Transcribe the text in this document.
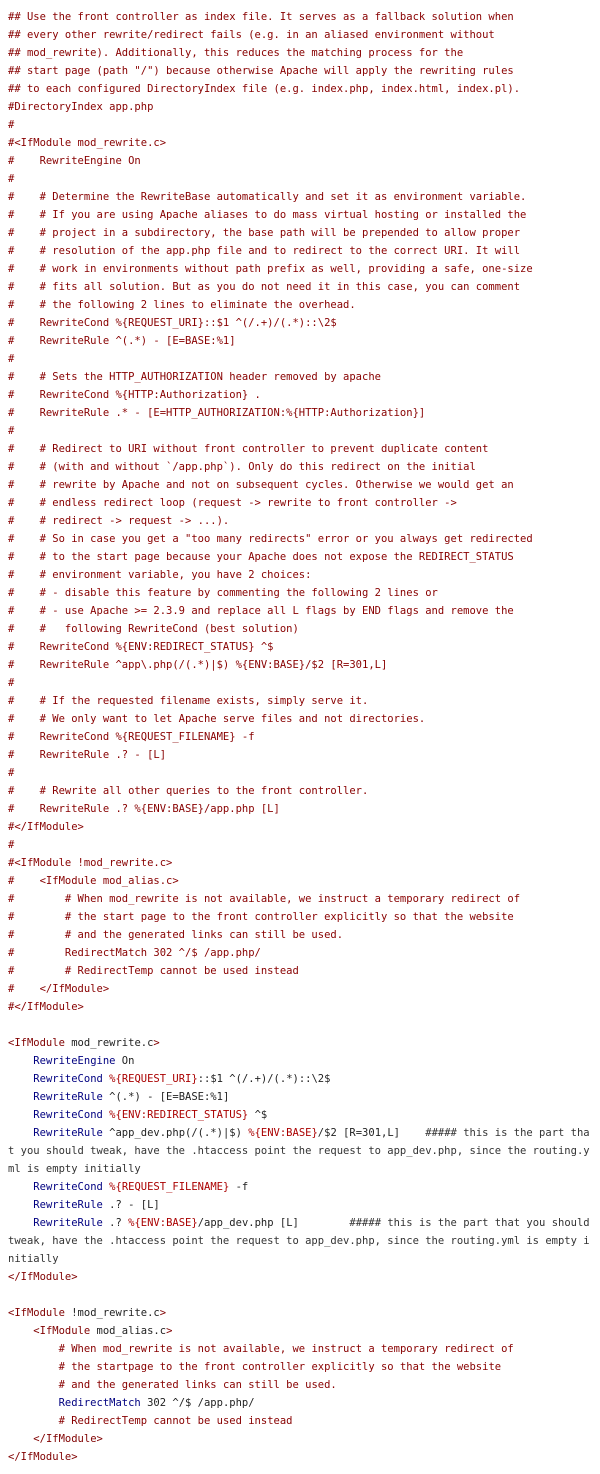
## Use the front controller as index file. It serves as a fallback solution when
## every other rewrite/redirect fails (e.g. in an aliased environment without
## mod_rewrite). Additionally, this reduces the matching process for the
## start page (path "/") because otherwise Apache will apply the rewriting rules
## to each configured DirectoryIndex file (e.g. index.php, index.html, index.pl).
#DirectoryIndex app.php
#
#<IfModule mod_rewrite.c>
#    RewriteEngine On
#
#    # Determine the RewriteBase automatically and set it as environment variable.
#    # If you are using Apache aliases to do mass virtual hosting or installed the
#    # project in a subdirectory, the base path will be prepended to allow proper
#    # resolution of the app.php file and to redirect to the correct URI. It will
#    # work in environments without path prefix as well, providing a safe, one-size
#    # fits all solution. But as you do not need it in this case, you can comment
#    # the following 2 lines to eliminate the overhead.
#    RewriteCond %{REQUEST_URI}::$1 ^(/.+)/(.*)::\2$
#    RewriteRule ^(.*) - [E=BASE:%1]
#
#    # Sets the HTTP_AUTHORIZATION header removed by apache
#    RewriteCond %{HTTP:Authorization} .
#    RewriteRule .* - [E=HTTP_AUTHORIZATION:%{HTTP:Authorization}]
#
#    # Redirect to URI without front controller to prevent duplicate content
#    # (with and without `/app.php`). Only do this redirect on the initial
#    # rewrite by Apache and not on subsequent cycles. Otherwise we would get an
#    # endless redirect loop (request -> rewrite to front controller ->
#    # redirect -> request -> ...).
#    # So in case you get a "too many redirects" error or you always get redirected
#    # to the start page because your Apache does not expose the REDIRECT_STATUS
#    # environment variable, you have 2 choices:
#    # - disable this feature by commenting the following 2 lines or
#    # - use Apache >= 2.3.9 and replace all L flags by END flags and remove the
#    #   following RewriteCond (best solution)
#    RewriteCond %{ENV:REDIRECT_STATUS} ^$
#    RewriteRule ^app\.php(/(.*)|$) %{ENV:BASE}/$2 [R=301,L]
#
#    # If the requested filename exists, simply serve it.
#    # We only want to let Apache serve files and not directories.
#    RewriteCond %{REQUEST_FILENAME} -f
#    RewriteRule .? - [L]
#
#    # Rewrite all other queries to the front controller.
#    RewriteRule .? %{ENV:BASE}/app.php [L]
#</IfModule>
#
#<IfModule !mod_rewrite.c>
#    <IfModule mod_alias.c>
#        # When mod_rewrite is not available, we instruct a temporary redirect of
#        # the start page to the front controller explicitly so that the website
#        # and the generated links can still be used.
#        RedirectMatch 302 ^/$ /app.php/
#        # RedirectTemp cannot be used instead
#    </IfModule>
#</IfModule>

<IfModule mod_rewrite.c>
RewriteEngine On
RewriteCond %{REQUEST_URI}::$1 ^(/.+)/(.*)::\2$
RewriteRule ^(.*) - [E=BASE:%1]
RewriteCond %{ENV:REDIRECT_STATUS} ^$
RewriteRule ^app_dev.php(/(.*)|$) %{ENV:BASE}/$2 [R=301,L]    ##### this is the part that you should tweak, have the .htaccess point the request to app_dev.php, since the routing.yml is empty initially
RewriteCond %{REQUEST_FILENAME} -f
RewriteRule .? - [L]
RewriteRule .? %{ENV:BASE}/app_dev.php [L]        ##### this is the part that you should tweak, have the .htaccess point the request to app_dev.php, since the routing.yml is empty initially
</IfModule>

<IfModule !mod_rewrite.c>
<IfModule mod_alias.c>
# When mod_rewrite is not available, we instruct a temporary redirect of
# the startpage to the front controller explicitly so that the website
# and the generated links can still be used.
RedirectMatch 302 ^/$ /app.php/
# RedirectTemp cannot be used instead
</IfModule>
</IfModule>
